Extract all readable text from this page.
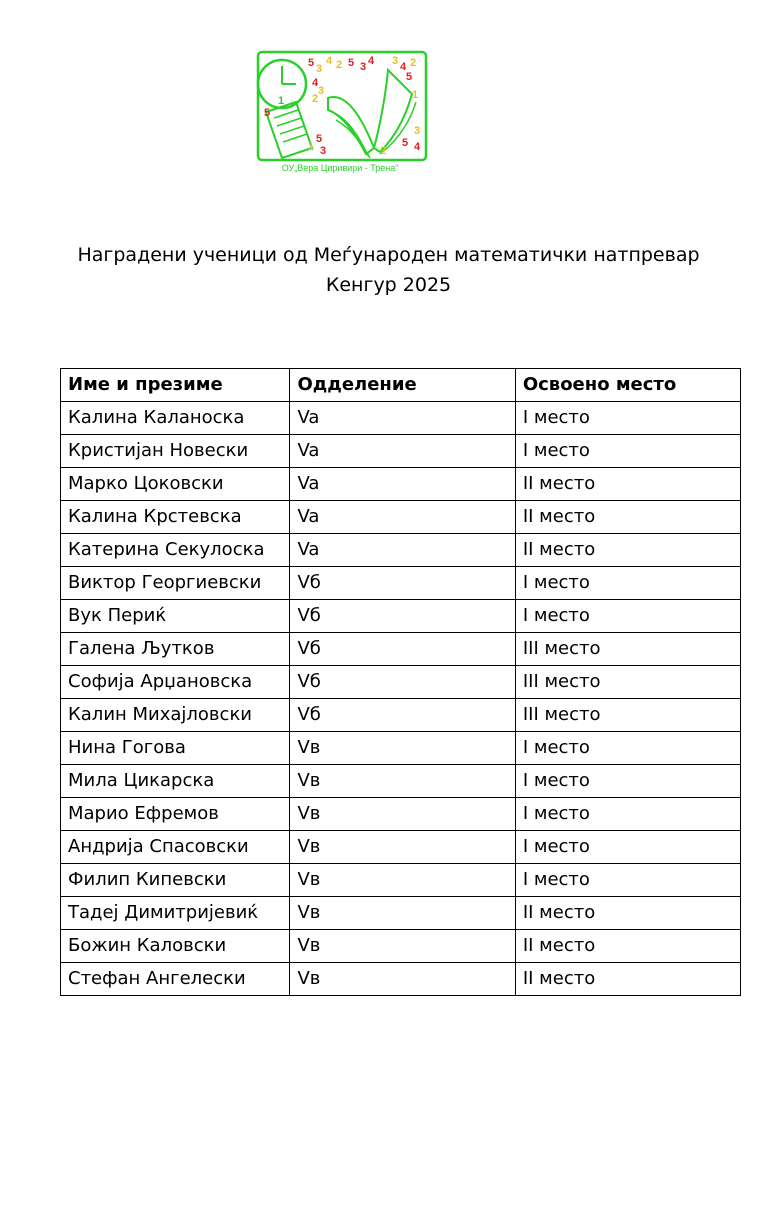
5 3
4 2 5 3 4
4
3
2
5
1
5
1 3
3 4 2
5
1
3
5 4
2
ОУ„Вера Циривири - Трена“
Наградени ученици од Меѓународен математички натпревар
Кенгур 2025
Име и презиме	Одделение	Освоено место
Калина Каланоска	Va	I место
Кристијан Новески	Va	I место
Марко Цоковски	Va	II место
Калина Крстевска	Va	II место
Катерина Секулоска	Va	II место
Виктор Георгиевски	Vб	I место
Вук Периќ	Vб	I место
Галена Љутков	Vб	III место
Софија Арџановска	Vб	III место
Калин Михајловски	Vб	III место
Нина Гогова	Vв	I место
Мила Цикарска	Vв	I место
Марио Ефремов	Vв	I место
Андрија Спасовски	Vв	I место
Филип Кипевски	Vв	I место
Тадеј Димитријевиќ	Vв	II место
Божин Каловски	Vв	II место
Стефан Ангелески	Vв	II место
